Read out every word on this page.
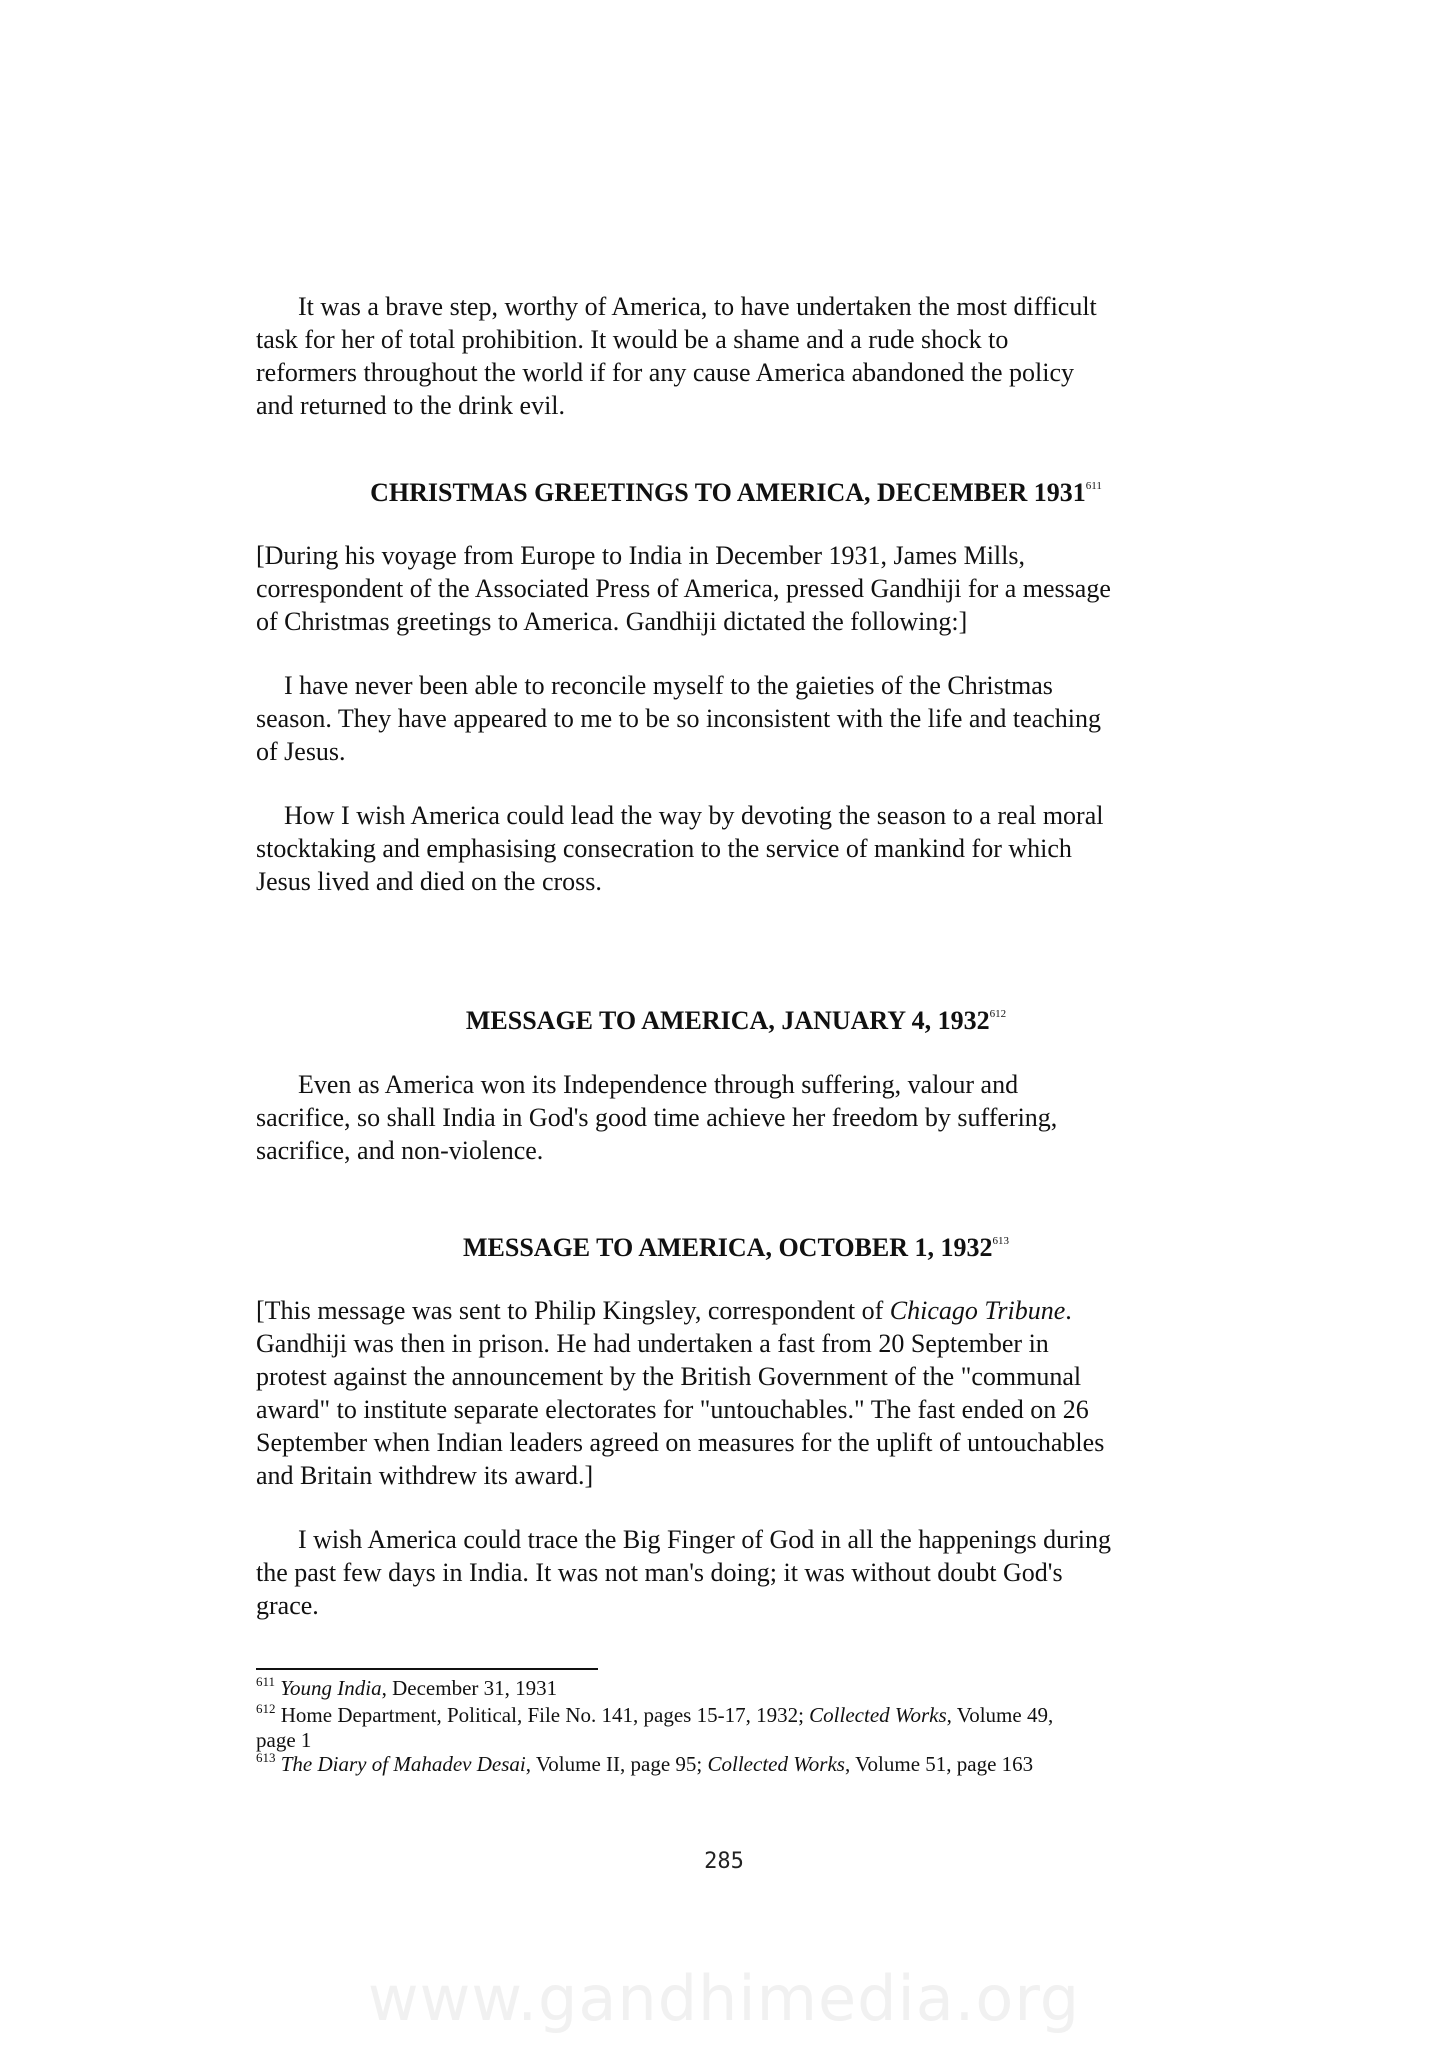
It was a brave step, worthy of America, to have undertaken the most difficult

task for her of total prohibition. It would be a shame and a rude shock to

reformers throughout the world if for any cause America abandoned the policy

and returned to the drink evil.

CHRISTMAS GREETINGS TO AMERICA, DECEMBER 1931$^{611}$

[During his voyage from Europe to India in December 1931, James Mills,

correspondent of the Associated Press of America, pressed Gandhiji for a message

of Christmas greetings to America. Gandhiji dictated the following:]

I have never been able to reconcile myself to the gaieties of the Christmas

season. They have appeared to me to be so inconsistent with the life and teaching

of Jesus.

How I wish America could lead the way by devoting the season to a real moral

stocktaking and emphasising consecration to the service of mankind for which

Jesus lived and died on the cross.

MESSAGE TO AMERICA, JANUARY 4, 1932$^{612}$

Even as America won its Independence through suffering, valour and

sacrifice, so shall India in God's good time achieve her freedom by suffering,

sacrifice, and non-violence.

MESSAGE TO AMERICA, OCTOBER 1, 1932$^{613}$

[This message was sent to Philip Kingsley, correspondent of Chicago Tribune.

Gandhiji was then in prison. He had undertaken a fast from 20 September in

protest against the announcement by the British Government of the "communal

award" to institute separate electorates for "untouchables." The fast ended on 26

September when Indian leaders agreed on measures for the uplift of untouchables

and Britain withdrew its award.]

I wish America could trace the Big Finger of God in all the happenings during

the past few days in India. It was not man's doing; it was without doubt God's

grace.

$^{611}$ Young India, December 31, 1931

$^{612}$ Home Department, Political, File No. 141, pages 15-17, 1932; Collected Works, Volume 49,

page 1

$^{613}$ The Diary of Mahadev Desai, Volume II, page 95; Collected Works, Volume 51, page 163

285
www.gandhimedia.org
